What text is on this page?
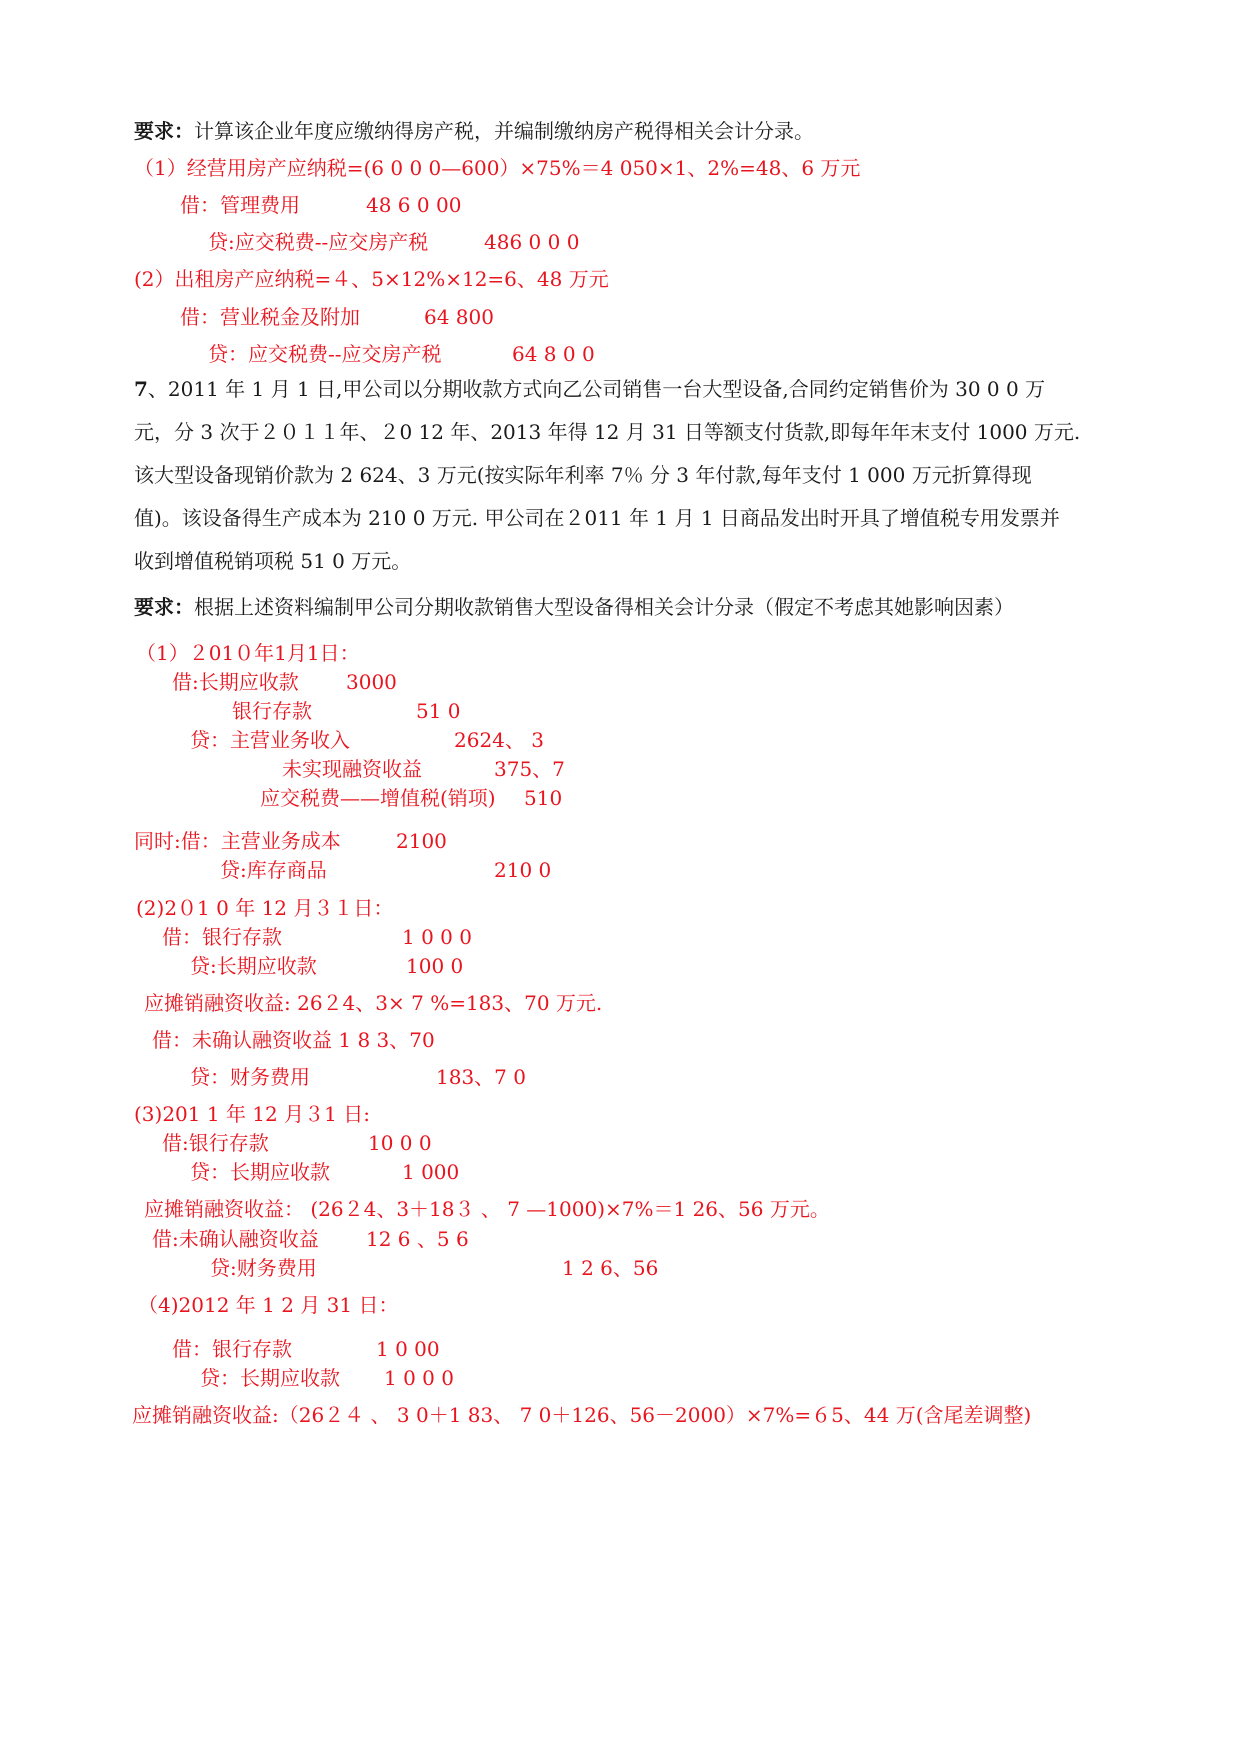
要求：计算该企业年度应缴纳得房产税，并编制缴纳房产税得相关会计分录。
（1）经营用房产应纳税=(6 0 0 0—600）×75%＝4 050×1、2%=48、6 万元
借：管理费用	48 6 0 00
贷:应交税费--应交房产税	486 0 0 0
(2）出租房产应纳税=４、5×12%×12=6、48 万元
借：营业税金及附加	64 800
贷：应交税费--应交房产税	64 8 0 0
7、2011 年 1 月 1 日,甲公司以分期收款方式向乙公司销售一台大型设备,合同约定销售价为 30 0 0 万
元，分 3 次于２０１１年、２0 12 年、2013 年得 12 月 31 日等额支付货款,即每年年末支付 1000 万元.
该大型设备现销价款为 2 624、3 万元(按实际年利率 7％ 分 3 年付款,每年支付 1 000 万元折算得现
值)。该设备得生产成本为 210 0 万元. 甲公司在２011 年 1 月 1 日商品发出时开具了增值税专用发票并
收到增值税销项税 51 0 万元。
要求：根据上述资料编制甲公司分期收款销售大型设备得相关会计分录（假定不考虑其她影响因素）
（1）２01０年1月1日：
借:长期应收款 3000
银行存款	51 0
贷：主营业务收入	2624、 3
未实现融资收益	375、7
应交税费——增值税(销项) 510
同时:借：主营业务成本	2100
贷:库存商品	210 0
(2)2０1 0 年 12 月３１日：
借：银行存款	1 0 0 0
贷:长期应收款	100 0
应摊销融资收益: 26２4、3× 7 %=183、70 万元.
借：未确认融资收益 1 8 3、70
贷：财务费用	183、7 0
(3)201 1 年 12 月３1 日:
借:银行存款	10 0 0
贷：长期应收款	1 000
应摊销融资收益： (26２4、3＋18３ 、 7 —1000)×7%＝1 26、56 万元。
借:未确认融资收益 12 6 、5 6
贷:财务费用	1 2 6、56
（4)2012 年 1 2 月 31 日：
借：银行存款	1 0 00
贷：长期应收款 1 0 0 0
应摊销融资收益:（26２４ 、 3 0＋1 83、 7 0＋126、56－2000）×7%=６5、44 万(含尾差调整)
